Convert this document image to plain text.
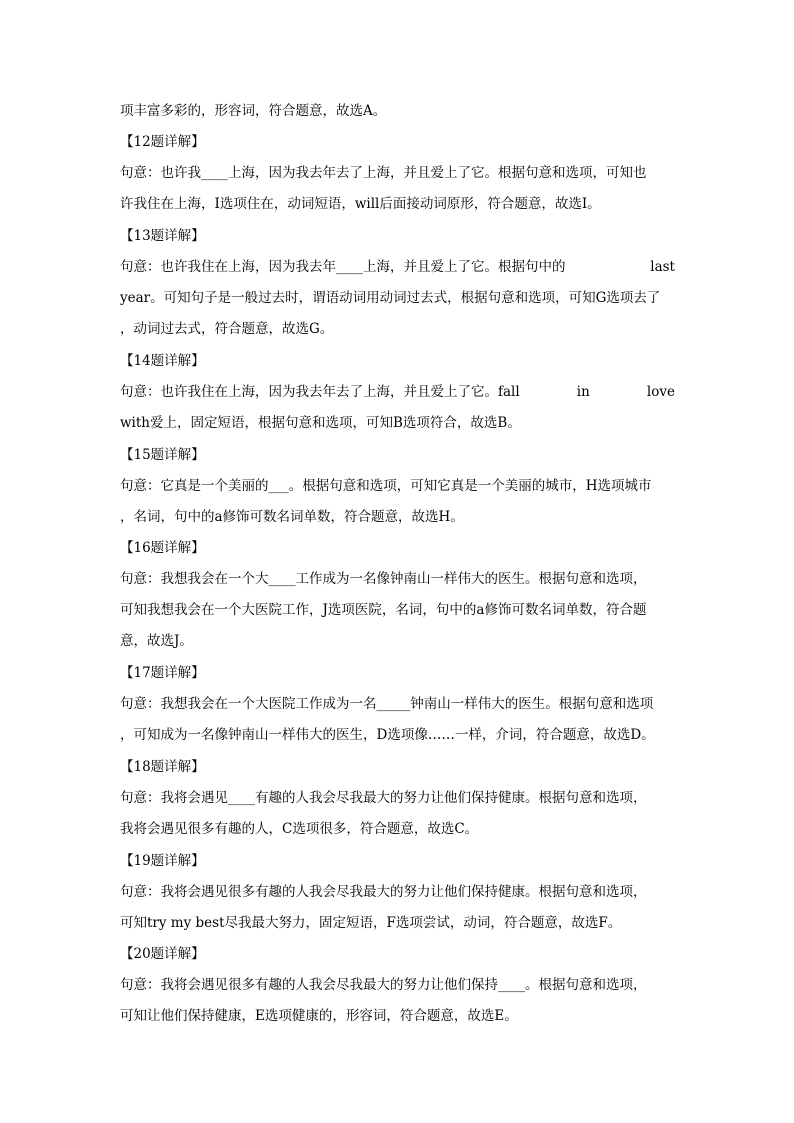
项丰富多彩的，形容词，符合题意，故选A。
【12题详解】
句意：也许我____上海，因为我去年去了上海，并且爱上了它。根据句意和选项，可知也
许我住在上海，I选项住在，动词短语，will后面接动词原形，符合题意，故选I。
【13题详解】
句意：也许我住在上海，因为我去年____上海，并且爱上了它。根据句中的	last
year。可知句子是一般过去时，谓语动词用动词过去式，根据句意和选项，可知G选项去了
，动词过去式，符合题意，故选G。
【14题详解】
句意：也许我住在上海，因为我去年去了上海，并且爱上了它。fall	in	love
with爱上，固定短语，根据句意和选项，可知B选项符合，故选B。
【15题详解】
句意：它真是一个美丽的___。根据句意和选项，可知它真是一个美丽的城市，H选项城市
，名词，句中的a修饰可数名词单数，符合题意，故选H。
【16题详解】
句意：我想我会在一个大____工作成为一名像钟南山一样伟大的医生。根据句意和选项，
可知我想我会在一个大医院工作，J选项医院，名词，句中的a修饰可数名词单数，符合题
意，故选J。
【17题详解】
句意：我想我会在一个大医院工作成为一名_____钟南山一样伟大的医生。根据句意和选项
，可知成为一名像钟南山一样伟大的医生，D选项像……一样，介词，符合题意，故选D。
【18题详解】
句意：我将会遇见____有趣的人我会尽我最大的努力让他们保持健康。根据句意和选项，
我将会遇见很多有趣的人，C选项很多，符合题意，故选C。
【19题详解】
句意：我将会遇见很多有趣的人我会尽我最大的努力让他们保持健康。根据句意和选项，
可知try my best尽我最大努力，固定短语，F选项尝试，动词，符合题意，故选F。
【20题详解】
句意：我将会遇见很多有趣的人我会尽我最大的努力让他们保持____。根据句意和选项，
可知让他们保持健康，E选项健康的，形容词，符合题意，故选E。
